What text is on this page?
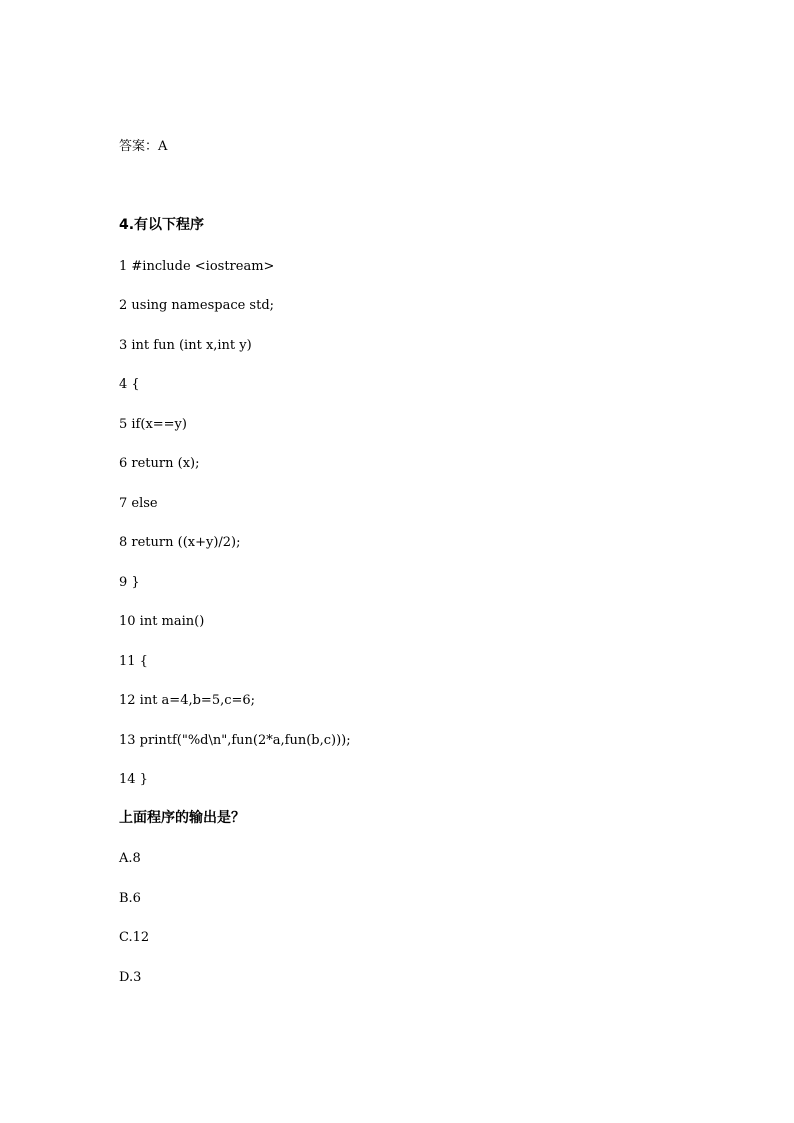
答案：A

4.有以下程序

1 #include <iostream>

2 using namespace std;

3 int fun (int x,int y)

4 {

5 if(x==y)

6 return (x);

7 else

8 return ((x+y)/2);

9 }

10 int main()

11 {

12 int a=4,b=5,c=6;

13 printf("%d\n",fun(2*a,fun(b,c)));

14 }

上面程序的输出是？

A.8

B.6

C.12

D.3
